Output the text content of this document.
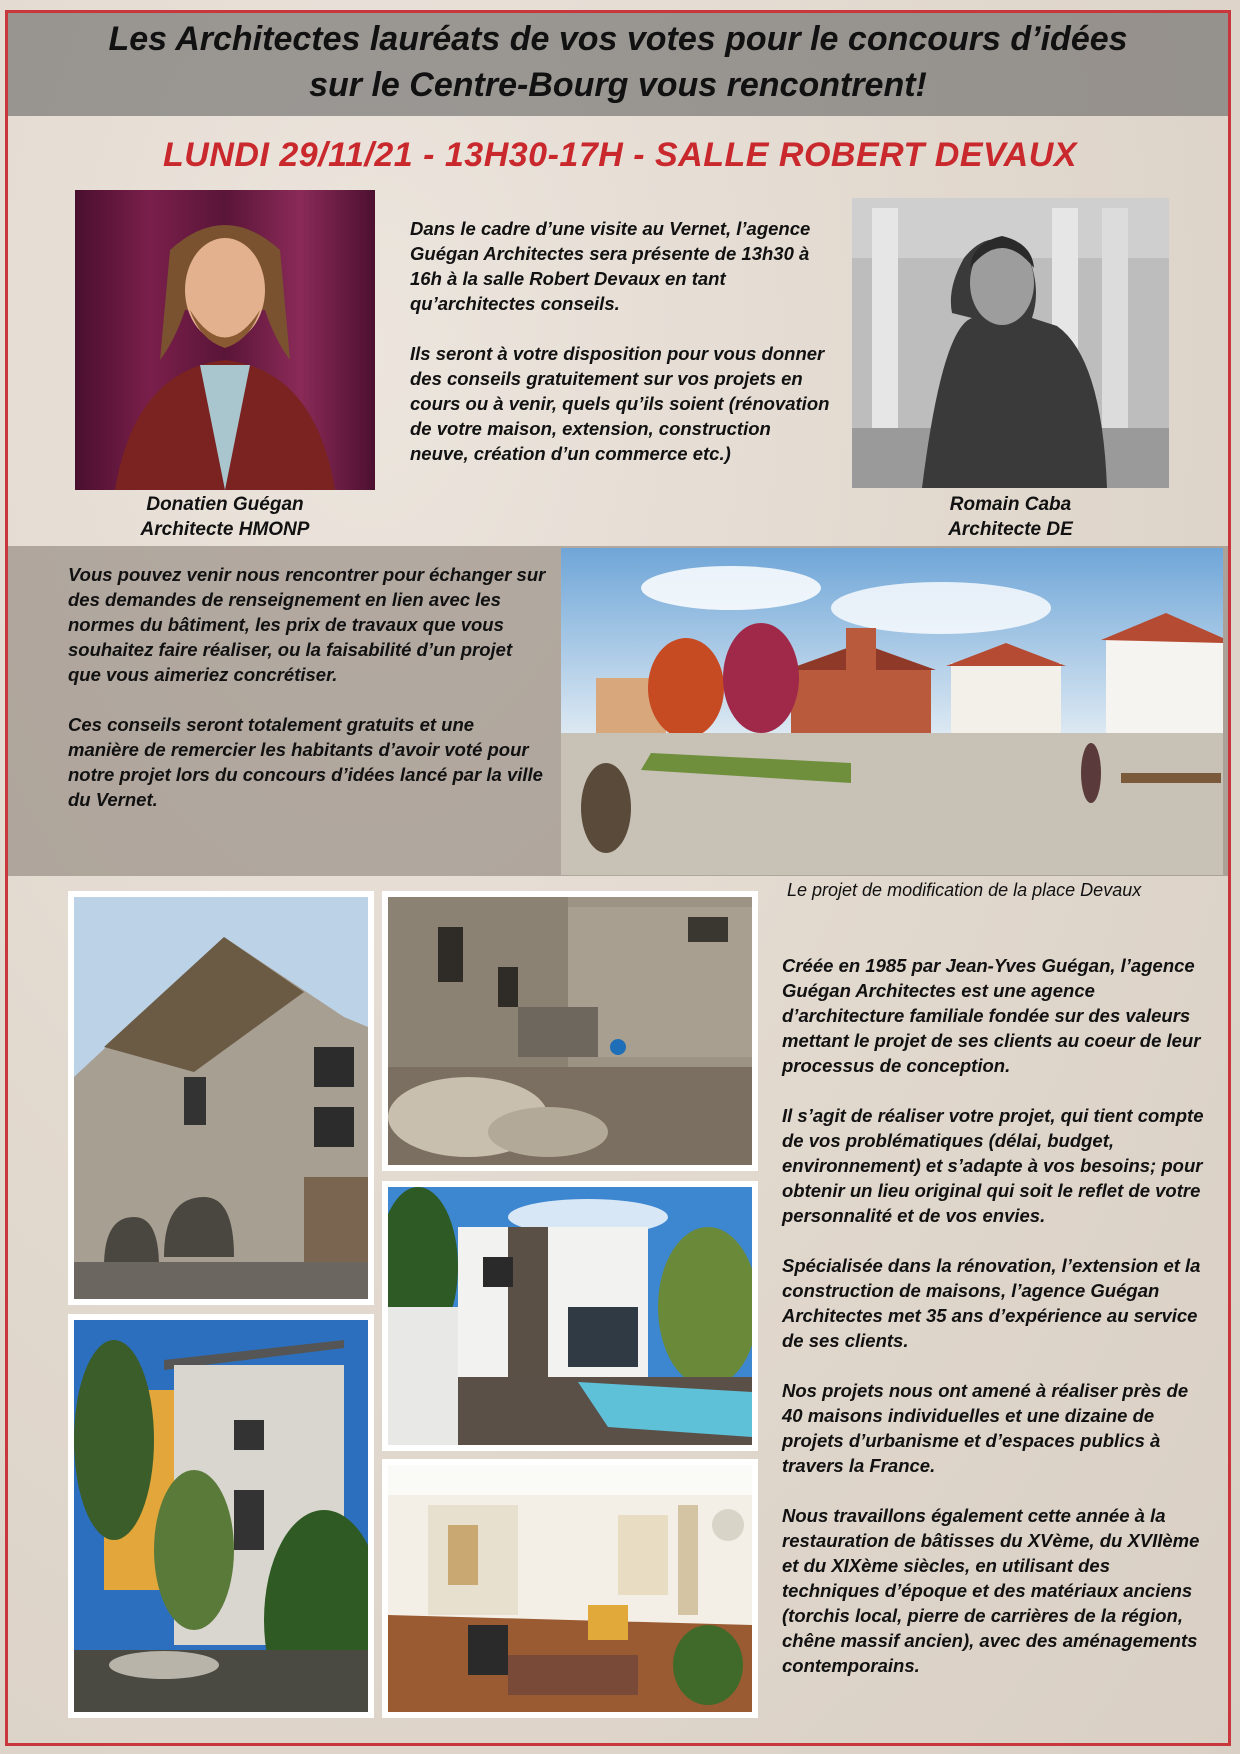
Les Architectes lauréats de vos votes pour le concours d’idées
sur le Centre-Bourg vous rencontrent!
LUNDI 29/11/21 - 13H30-17H - SALLE ROBERT DEVAUX
Donatien Guégan
Architecte HMONP

Dans le cadre d’une visite au Vernet, l’agence Guégan Architectes sera présente de 13h30 à 16h à la salle Robert Devaux en tant qu’architectes conseils.

Ils seront à votre disposition pour vous donner des conseils gratuitement sur vos projets en cours ou à venir, quels qu’ils soient (rénovation de votre maison, extension, construction neuve, création d’un commerce etc.)

Romain Caba
Architecte DE

Vous pouvez venir nous rencontrer pour échanger sur des demandes de renseignement en lien avec les normes du bâtiment, les prix de travaux que vous souhaitez faire réaliser, ou la faisabilité d’un projet que vous aimeriez concrétiser.

Ces conseils seront totalement gratuits et une manière de remercier les habitants d’avoir voté pour notre projet lors du concours d’idées lancé par la ville du Vernet.

Le projet de modification de la place Devaux

Créée en 1985 par Jean-Yves Guégan, l’agence Guégan Architectes est une agence d’architecture familiale fondée sur des valeurs mettant le projet de ses clients au coeur de leur processus de conception.

Il s’agit de réaliser votre projet, qui tient compte de vos problématiques (délai, budget, environnement) et s’adapte à vos besoins; pour obtenir un lieu original qui soit le reflet de votre personnalité et de vos envies.

Spécialisée dans la rénovation, l’extension et la construction de maisons, l’agence Guégan Architectes met 35 ans d’expérience au service de ses clients.

Nos projets nous ont amené à réaliser près de 40 maisons individuelles et une dizaine de projets d’urbanisme et d’espaces publics à travers la France.

Nous travaillons également cette année à la restauration de bâtisses du XVème, du XVIIème et du XIXème siècles, en utilisant des techniques d’époque et des matériaux anciens (torchis local, pierre de carrières de la région, chêne massif ancien), avec des aménagements contemporains.
